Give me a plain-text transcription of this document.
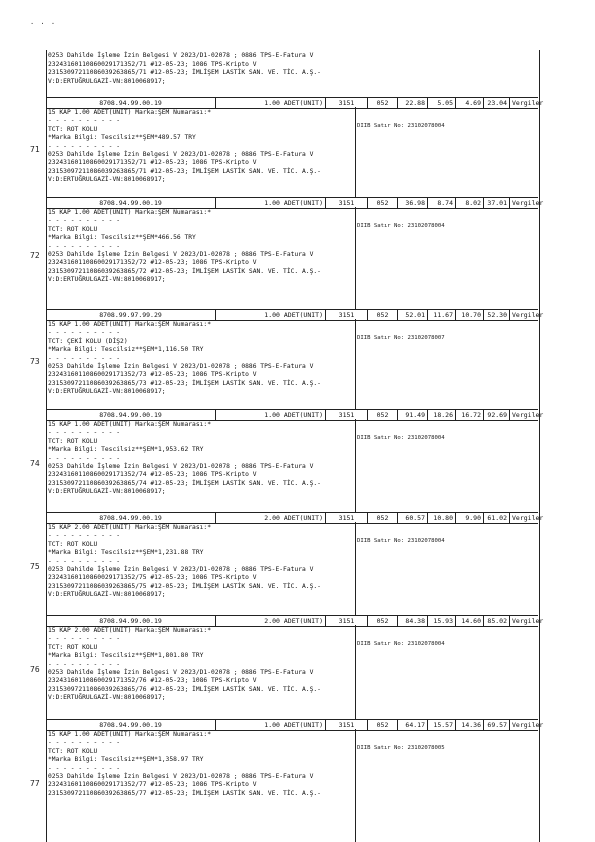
· · ·
0253 Dahilde İşleme İzin Belgesi V 2023/D1-02078 ; 0886 TPS-E-Fatura V
23243160110860029171352/71 #12-05-23; 1086 TPS-Kripto V
23153097211086039263865/71 #12-05-23; İMLİŞEM LASTİK SAN. VE. TİC. A.Ş.-
V:D:ERTUĞRULGAZİ-VN:8010068917;
8708.94.99.00.19	1.00 ADET(UNIT)	3151	052	22.88	5.05	4.69 23.04 Vergiler
15 KAP 1.00 ADET(UNIT) Marka:ŞEM Numarası:*
- - - - - - - - - -
TCT: ROT KOLU
*Marka Bilgi: Tescilsiz**ŞEM*489.57 TRY
- - - - - - - - - -
0253 Dahilde İşleme İzin Belgesi V 2023/D1-02078 ; 0886 TPS-E-Fatura V
23243160110860029171352/71 #12-05-23; 1086 TPS-Kripto V
23153097211086039263865/71 #12-05-23; İMLİŞEM LASTİK SAN. VE. TİC. A.Ş.-
V:D:ERTUĞRULGAZİ-VN:8010068917;
DIIB Satır No: 23102078004
71
8708.94.99.00.19	1.00 ADET(UNIT)	3151	052	36.98	8.74	8.02 37.01 Vergiler
15 KAP 1.00 ADET(UNIT) Marka:ŞEM Numarası:*
- - - - - - - - - -
TCT: ROT KOLU
*Marka Bilgi: Tescilsiz**ŞEM*466.56 TRY
- - - - - - - - - -
0253 Dahilde İşleme İzin Belgesi V 2023/D1-02078 ; 0886 TPS-E-Fatura V
23243160110860029171352/72 #12-05-23; 1086 TPS-Kripto V
23153097211086039263865/72 #12-05-23; İMLİŞEM LASTİK SAN. VE. TİC. A.Ş.-
V:D:ERTUĞRULGAZİ-VN:8010068917;
DIIB Satır No: 23102078004
72
8708.99.97.99.29	1.00 ADET(UNIT)	3151	052	52.01	11.67	10.70 52.30 Vergiler
15 KAP 1.00 ADET(UNIT) Marka:ŞEM Numarası:*
- - - - - - - - - -
TCT: ÇEKİ KOLU (DİŞ2)
*Marka Bilgi: Tescilsiz**ŞEM*1,116.50 TRY
- - - - - - - - - -
0253 Dahilde İşleme İzin Belgesi V 2023/D1-02078 ; 0886 TPS-E-Fatura V
23243160110860029171352/73 #12-05-23; 1086 TPS-Kripto V
23153097211086039263865/73 #12-05-23; İMLİŞEM LASTİK SAN. VE. TİC. A.Ş.-
V:D:ERTUĞRULGAZİ-VN:8010068917;
DIIB Satır No: 23102078007
73
8708.94.99.00.19	1.00 ADET(UNIT)	3151	052	91.49	18.26	16.72 92.69 Vergiler
15 KAP 1.00 ADET(UNIT) Marka:ŞEM Numarası:*
- - - - - - - - - -
TCT: ROT KOLU
*Marka Bilgi: Tescilsiz**ŞEM*1,953.62 TRY
- - - - - - - - - -
0253 Dahilde İşleme İzin Belgesi V 2023/D1-02078 ; 0886 TPS-E-Fatura V
23243160110860029171352/74 #12-05-23; 1086 TPS-Kripto V
23153097211086039263865/74 #12-05-23; İMLİŞEM LASTİK SAN. VE. TİC. A.Ş.-
V:D:ERTUĞRULGAZİ-VN:8010068917;
DIIB Satır No: 23102078004
74
8708.94.99.00.19	2.00 ADET(UNIT)	3151	052	60.57	10.80	9.90 61.02 Vergiler
15 KAP 2.00 ADET(UNIT) Marka:ŞEM Numarası:*
- - - - - - - - - -
TCT: ROT KOLU
*Marka Bilgi: Tescilsiz**ŞEM*1,231.88 TRY
- - - - - - - - - -
0253 Dahilde İşleme İzin Belgesi V 2023/D1-02078 ; 0886 TPS-E-Fatura V
23243160110860029171352/75 #12-05-23; 1086 TPS-Kripto V
23153097211086039263865/75 #12-05-23; İMLİŞEM LASTİK SAN. VE. TİC. A.Ş.-
V:D:ERTUĞRULGAZİ-VN:8010068917;
DIIB Satır No: 23102078004
75
8708.94.99.00.19	2.00 ADET(UNIT)	3151	052	84.38	15.93	14.60 85.02 Vergiler
15 KAP 2.00 ADET(UNIT) Marka:ŞEM Numarası:*
- - - - - - - - - -
TCT: ROT KOLU
*Marka Bilgi: Tescilsiz**ŞEM*1,801.80 TRY
- - - - - - - - - -
0253 Dahilde İşleme İzin Belgesi V 2023/D1-02078 ; 0886 TPS-E-Fatura V
23243160110860029171352/76 #12-05-23; 1086 TPS-Kripto V
23153097211086039263865/76 #12-05-23; İMLİŞEM LASTİK SAN. VE. TİC. A.Ş.-
V:D:ERTUĞRULGAZİ-VN:8010068917;
DIIB Satır No: 23102078004
76
8708.94.99.00.19	1.00 ADET(UNIT)	3151	052	64.17	15.57	14.36 69.57 Vergiler
15 KAP 1.00 ADET(UNIT) Marka:ŞEM Numarası:*
- - - - - - - - - -
TCT: ROT KOLU
*Marka Bilgi: Tescilsiz**ŞEM*1,358.97 TRY
- - - - - - - - - -
0253 Dahilde İşleme İzin Belgesi V 2023/D1-02078 ; 0886 TPS-E-Fatura V
23243160110860029171352/77 #12-05-23; 1086 TPS-Kripto V
23153097211086039263865/77 #12-05-23; İMLİŞEM LASTİK SAN. VE. TİC. A.Ş.-
DIIB Satır No: 23102078005
77
